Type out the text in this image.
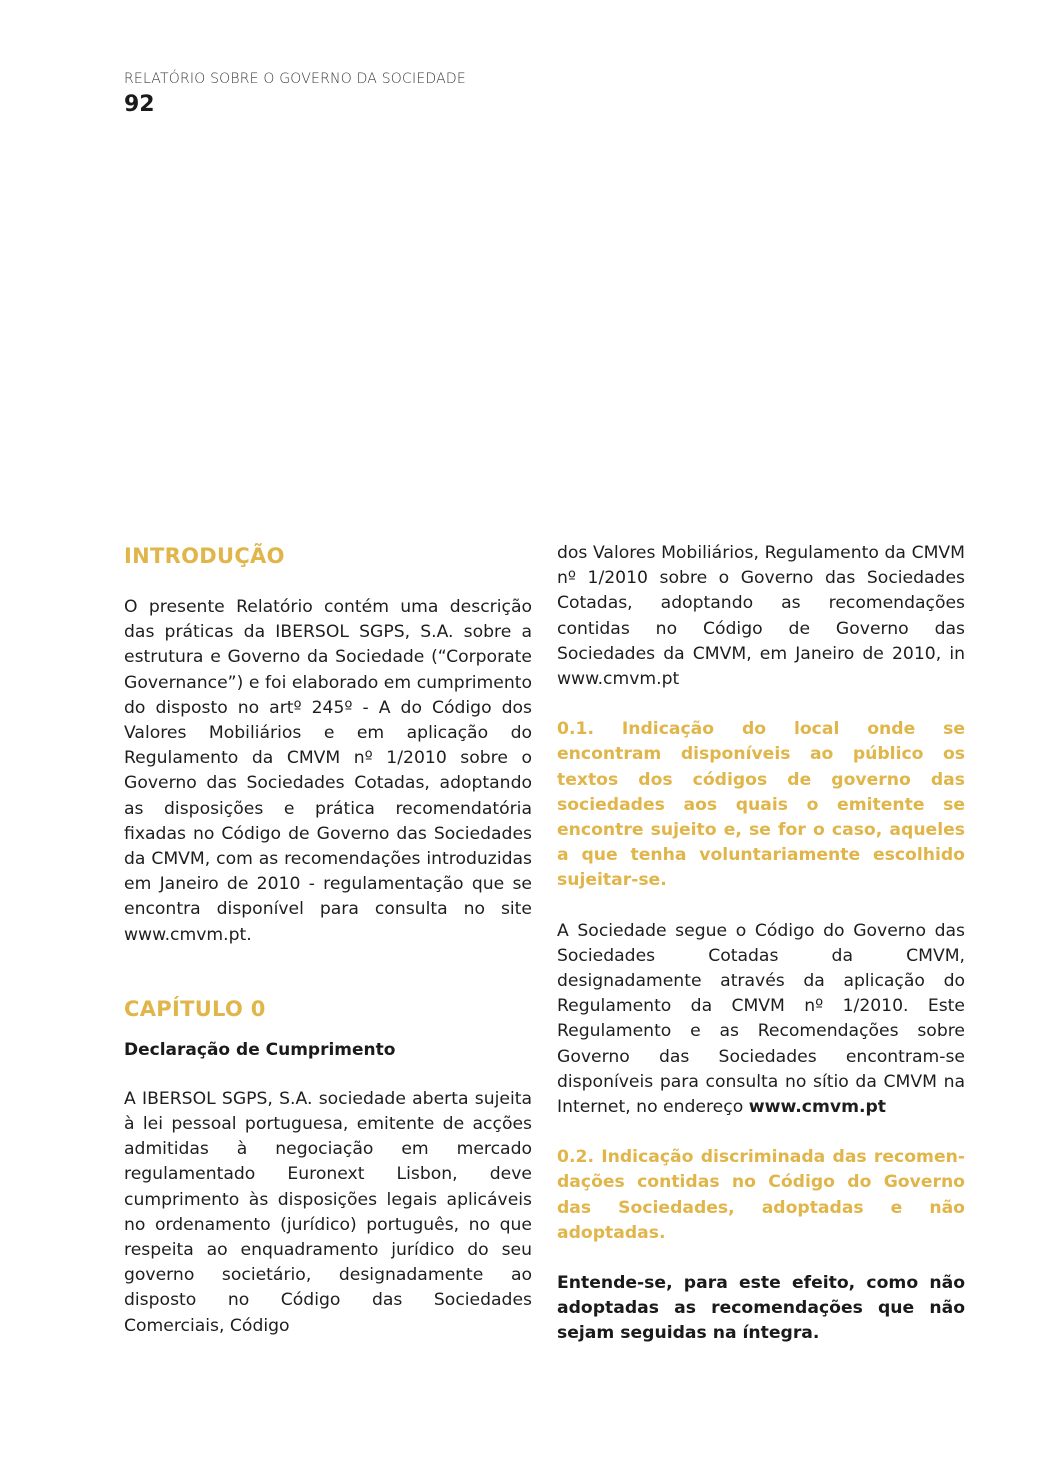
RELATÓRIO SOBRE O GOVERNO DA SOCIEDADE
92
INTRODUÇÃO

O presente Relatório contém uma descrição das práticas da IBERSOL SGPS, S.A. sobre a estrutura e Governo da Sociedade (“Corporate Governance”) e foi elaborado em cumprimento do disposto no artº 245º - A do Código dos Valores Mobiliários e em aplicação do Regulamento da CMVM nº 1/2010 sobre o Governo das Sociedades Cotadas, adoptando as disposições e prática recomendatória fixadas no Código de Governo das Sociedades da CMVM, com as recomendações introduzidas em Janeiro de 2010 - regulamentação que se encontra disponível para consulta no site www.cmvm.pt.

CAPÍTULO 0
Declaração de Cumprimento

A IBERSOL SGPS, S.A. sociedade aberta sujeita à lei pessoal portuguesa, emitente de acções admitidas à negociação em mercado regulamentado Euronext Lisbon, deve cumprimento às disposições legais aplicáveis no ordenamento (jurídico) português, no que respeita ao enquadramento jurídico do seu governo societário, designadamente ao disposto no Código das Sociedades Comerciais, Código

dos Valores Mobiliários, Regulamento da CMVM nº 1/2010 sobre o Governo das Sociedades Cotadas, adoptando as recomendações contidas no Código de Governo das Sociedades da CMVM, em Janeiro de 2010, in www.cmvm.pt

0.1. Indicação do local onde se encontram disponíveis ao público os textos dos códigos de governo das sociedades aos quais o emitente se encontre sujeito e, se for o caso, aqueles a que tenha voluntariamente escolhido sujeitar-se.

A Sociedade segue o Código do Governo das Sociedades Cotadas da CMVM, designadamente através da aplicação do Regulamento da CMVM nº 1/2010. Este Regulamento e as Recomendações sobre Governo das Sociedades encontram-se disponíveis para consulta no sítio da CMVM na Internet, no endereço www.cmvm.pt

0.2. Indicação discriminada das recomen-dações contidas no Código do Governo das Sociedades, adoptadas e não adoptadas.

Entende-se, para este efeito, como não adoptadas as recomendações que não sejam seguidas na íntegra.
